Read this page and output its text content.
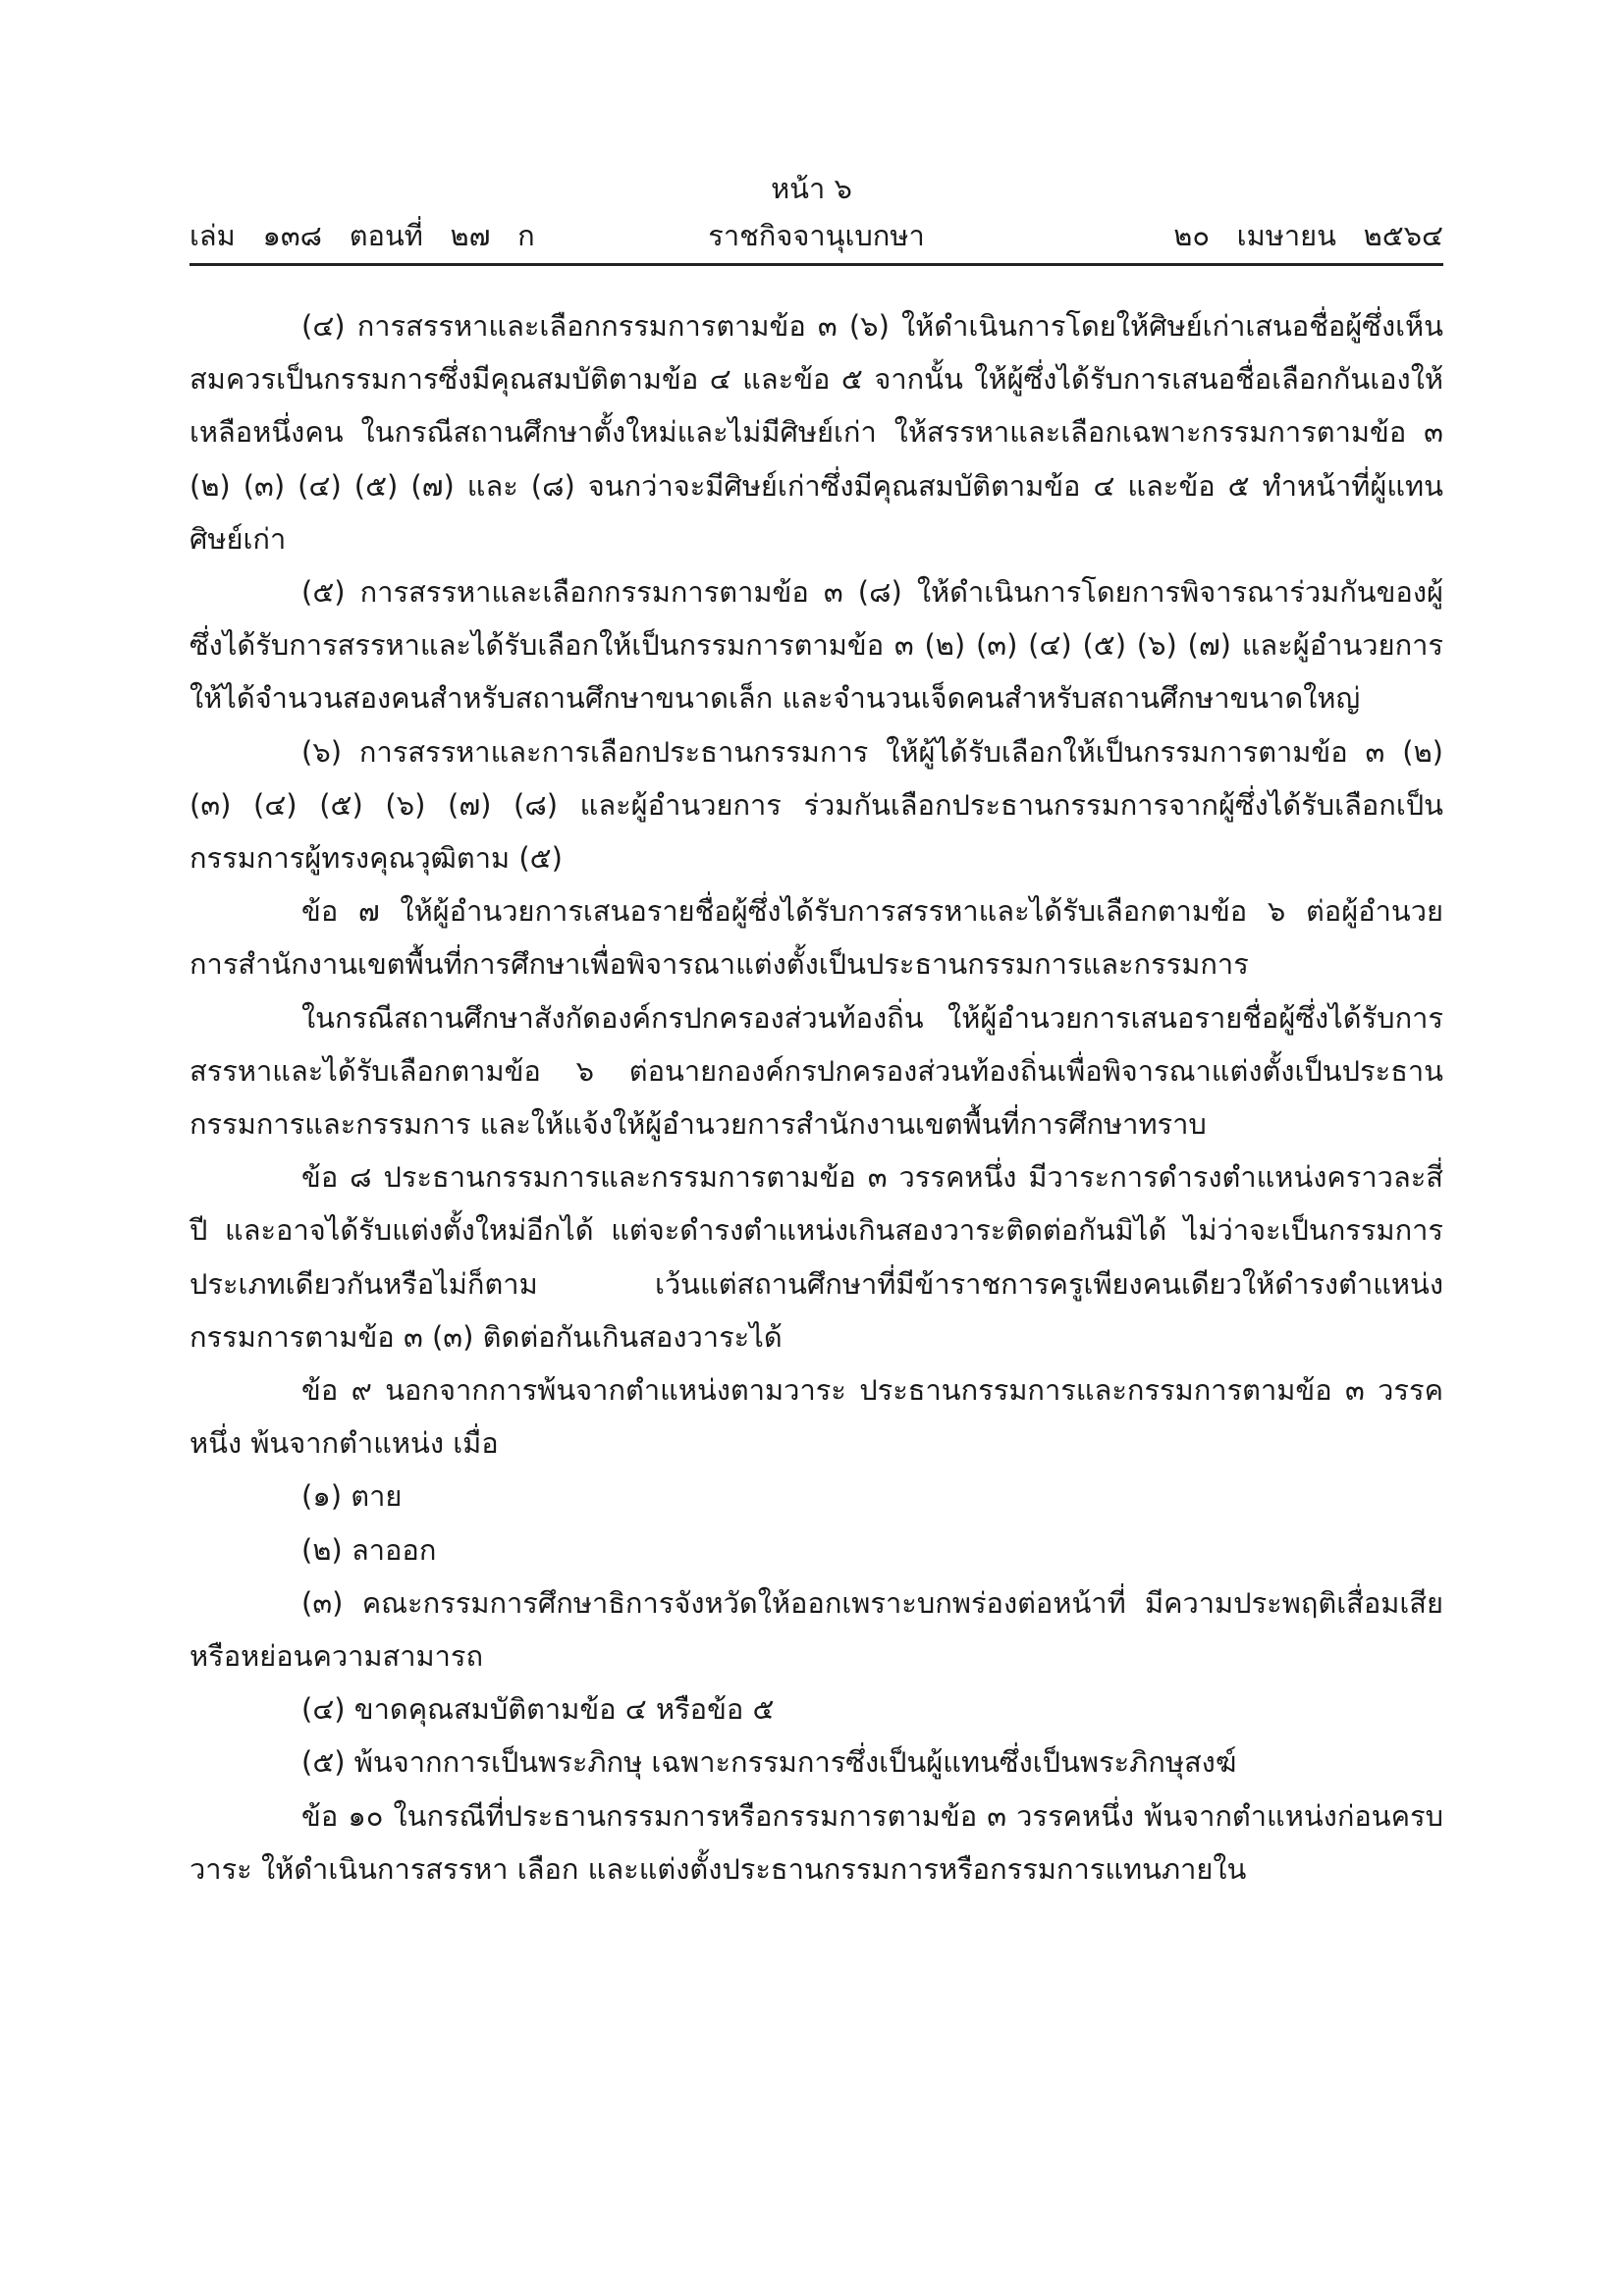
หน้า ๖
เล่ม   ๑๓๘   ตอนที่   ๒๗   ก	ราชกิจจานุเบกษา	๒๐   เมษายน   ๒๕๖๔

(๔) การสรรหาและเลือกกรรมการตามข้อ ๓ (๖) ให้ดำเนินการโดยให้ศิษย์เก่าเสนอชื่อผู้ซึ่งเห็นสมควรเป็นกรรมการซึ่งมีคุณสมบัติตามข้อ ๔ และข้อ ๕ จากนั้น ให้ผู้ซึ่งได้รับการเสนอชื่อเลือกกันเองให้เหลือหนึ่งคน ในกรณีสถานศึกษาตั้งใหม่และไม่มีศิษย์เก่า ให้สรรหาและเลือกเฉพาะกรรมการตามข้อ ๓ (๒) (๓) (๔) (๕) (๗) และ (๘) จนกว่าจะมีศิษย์เก่าซึ่งมีคุณสมบัติตามข้อ ๔ และข้อ ๕ ทำหน้าที่ผู้แทนศิษย์เก่า

(๕) การสรรหาและเลือกกรรมการตามข้อ ๓ (๘) ให้ดำเนินการโดยการพิจารณาร่วมกันของผู้ซึ่งได้รับการสรรหาและได้รับเลือกให้เป็นกรรมการตามข้อ ๓ (๒) (๓) (๔) (๕) (๖) (๗) และผู้อำนวยการให้ได้จำนวนสองคนสำหรับสถานศึกษาขนาดเล็ก และจำนวนเจ็ดคนสำหรับสถานศึกษาขนาดใหญ่

(๖) การสรรหาและการเลือกประธานกรรมการ ให้ผู้ได้รับเลือกให้เป็นกรรมการตามข้อ ๓ (๒) (๓) (๔) (๕) (๖) (๗) (๘) และผู้อำนวยการ ร่วมกันเลือกประธานกรรมการจากผู้ซึ่งได้รับเลือกเป็นกรรมการผู้ทรงคุณวุฒิตาม (๕)

ข้อ ๗ ให้ผู้อำนวยการเสนอรายชื่อผู้ซึ่งได้รับการสรรหาและได้รับเลือกตามข้อ ๖ ต่อผู้อำนวยการสำนักงานเขตพื้นที่การศึกษาเพื่อพิจารณาแต่งตั้งเป็นประธานกรรมการและกรรมการ

ในกรณีสถานศึกษาสังกัดองค์กรปกครองส่วนท้องถิ่น ให้ผู้อำนวยการเสนอรายชื่อผู้ซึ่งได้รับการสรรหาและได้รับเลือกตามข้อ ๖ ต่อนายกองค์กรปกครองส่วนท้องถิ่นเพื่อพิจารณาแต่งตั้งเป็นประธานกรรมการและกรรมการ และให้แจ้งให้ผู้อำนวยการสำนักงานเขตพื้นที่การศึกษาทราบ

ข้อ ๘ ประธานกรรมการและกรรมการตามข้อ ๓ วรรคหนึ่ง มีวาระการดำรงตำแหน่งคราวละสี่ปี และอาจได้รับแต่งตั้งใหม่อีกได้ แต่จะดำรงตำแหน่งเกินสองวาระติดต่อกันมิได้ ไม่ว่าจะเป็นกรรมการประเภทเดียวกันหรือไม่ก็ตาม เว้นแต่สถานศึกษาที่มีข้าราชการครูเพียงคนเดียวให้ดำรงตำแหน่งกรรมการตามข้อ ๓ (๓) ติดต่อกันเกินสองวาระได้

ข้อ ๙ นอกจากการพ้นจากตำแหน่งตามวาระ ประธานกรรมการและกรรมการตามข้อ ๓ วรรคหนึ่ง พ้นจากตำแหน่ง เมื่อ

(๑) ตาย

(๒) ลาออก

(๓) คณะกรรมการศึกษาธิการจังหวัดให้ออกเพราะบกพร่องต่อหน้าที่ มีความประพฤติเสื่อมเสียหรือหย่อนความสามารถ

(๔) ขาดคุณสมบัติตามข้อ ๔ หรือข้อ ๕

(๕) พ้นจากการเป็นพระภิกษุ เฉพาะกรรมการซึ่งเป็นผู้แทนซึ่งเป็นพระภิกษุสงฆ์

ข้อ ๑๐ ในกรณีที่ประธานกรรมการหรือกรรมการตามข้อ ๓ วรรคหนึ่ง พ้นจากตำแหน่งก่อนครบวาระ ให้ดำเนินการสรรหา เลือก และแต่งตั้งประธานกรรมการหรือกรรมการแทนภายใน
